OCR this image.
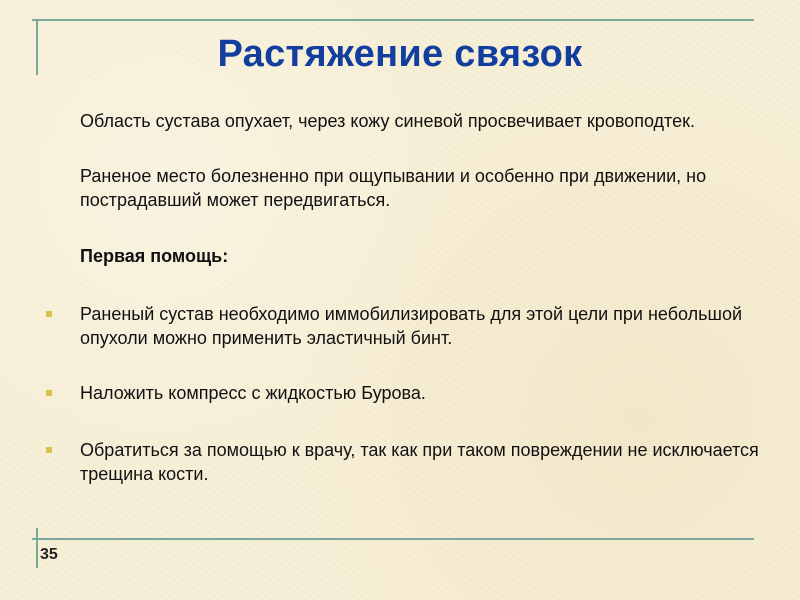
Растяжение связок

Область сустава опухает, через кожу синевой просвечивает кровоподтек.

Раненое место болезненно при ощупывании и особенно при движении, но пострадавший может передвигаться.

Первая помощь:

Раненый сустав необходимо иммобилизировать для этой цели при небольшой опухоли можно применить эластичный бинт.
Наложить компресс с жидкостью Бурова.
Обратиться за помощью к врачу, так как при таком повреждении не исключается трещина кости.
35
